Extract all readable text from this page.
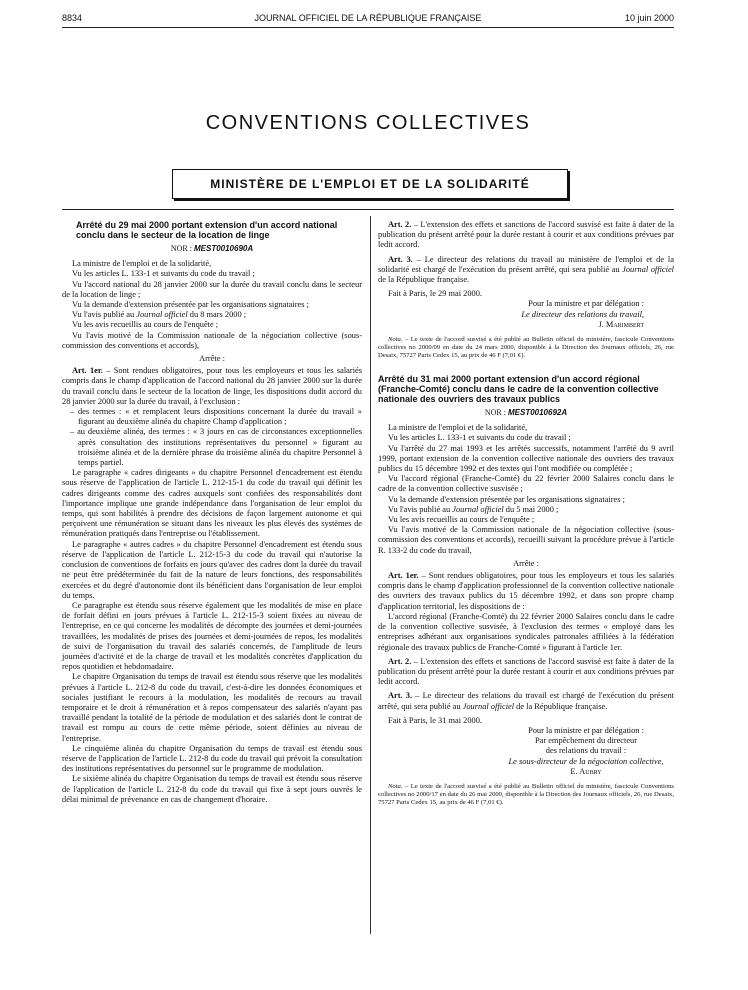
8834	JOURNAL OFFICIEL DE LA RÉPUBLIQUE FRANÇAISE	10 juin 2000
CONVENTIONS COLLECTIVES
MINISTÈRE DE L'EMPLOI ET DE LA SOLIDARITÉ
Arrêté du 29 mai 2000 portant extension d'un accord national conclu dans le secteur de la location de linge
NOR : MEST0010690A

La ministre de l'emploi et de la solidarité,

Vu les articles L. 133-1 et suivants du code du travail ;

Vu l'accord national du 28 janvier 2000 sur la durée du travail conclu dans le secteur de la location de linge ;

Vu la demande d'extension présentée par les organisations signataires ;

Vu l'avis publié au Journal officiel du 8 mars 2000 ;

Vu les avis recueillis au cours de l'enquête ;

Vu l'avis motivé de la Commission nationale de la négociation collective (sous-commission des conventions et accords),

Arrête :

Art. 1er. – Sont rendues obligatoires, pour tous les employeurs et tous les salariés compris dans le champ d'application de l'accord national du 28 janvier 2000 sur la durée du travail conclu dans le secteur de la location de linge, les dispositions dudit accord du 28 janvier 2000 sur la durée du travail, à l'exclusion :

– des termes : « et remplacent leurs dispositions concernant la durée du travail » figurant au deuxième alinéa du chapitre Champ d'application ;
– au deuxième alinéa, des termes : « 3 jours en cas de circonstances exceptionnelles après consultation des institutions représentatives du personnel » figurant au troisième alinéa et de la dernière phrase du troisième alinéa du chapitre Personnel à temps partiel.

Le paragraphe « cadres dirigeants » du chapitre Personnel d'encadrement est étendu sous réserve de l'application de l'article L. 212-15-1 du code du travail qui définit les cadres dirigeants comme des cadres auxquels sont confiées des responsabilités dont l'importance implique une grande indépendance dans l'organisation de leur emploi du temps, qui sont habilités à prendre des décisions de façon largement autonome et qui perçoivent une rémunération se situant dans les niveaux les plus élevés des systèmes de rémunération pratiqués dans l'entreprise ou l'établissement.

Le paragraphe « autres cadres » du chapitre Personnel d'encadrement est étendu sous réserve de l'application de l'article L. 212-15-3 du code du travail qui n'autorise la conclusion de conventions de forfaits en jours qu'avec des cadres dont la durée du travail ne peut être prédéterminée du fait de la nature de leurs fonctions, des responsabilités exercées et du degré d'autonomie dont ils bénéficient dans l'organisation de leur emploi du temps.

Ce paragraphe est étendu sous réserve également que les modalités de mise en place de forfait défini en jours prévues à l'article L. 212-15-3 soient fixées au niveau de l'entreprise, en ce qui concerne les modalités de décompte des journées et demi-journées travaillées, les modalités de prises des journées et demi-journées de repos, les modalités de suivi de l'organisation du travail des salariés concernés, de l'amplitude de leurs journées d'activité et de la charge de travail et les modalités concrètes d'application du repos quotidien et hebdomadaire.

Le chapitre Organisation du temps de travail est étendu sous réserve que les modalités prévues à l'article L. 212-8 du code du travail, c'est-à-dire les données économiques et sociales justifiant le recours à la modulation, les modalités de recours au travail temporaire et le droit à rémunération et à repos compensateur des salariés n'ayant pas travaillé pendant la totalité de la période de modulation et des salariés dont le contrat de travail est rompu au cours de cette même période, soient définies au niveau de l'entreprise.

Le cinquième alinéa du chapitre Organisation du temps de travail est étendu sous réserve de l'application de l'article L. 212-8 du code du travail qui prévoit la consultation des institutions représentatives du personnel sur le programme de modulation.

Le sixième alinéa du chapitre Organisation du temps de travail est étendu sous réserve de l'application de l'article L. 212-8 du code du travail qui fixe à sept jours ouvrés le délai minimal de prévenance en cas de changement d'horaire.

Art. 2. – L'extension des effets et sanctions de l'accord susvisé est faite à dater de la publication du présent arrêté pour la durée restant à courir et aux conditions prévues par ledit accord.

Art. 3. – Le directeur des relations du travail au ministère de l'emploi et de la solidarité est chargé de l'exécution du présent arrêté, qui sera publié au Journal officiel de la République française.

Fait à Paris, le 29 mai 2000.

Pour la ministre et par délégation :
Le directeur des relations du travail,
J. Marimbert

Nota. – Le texte de l'accord susvisé a été publié au Bulletin officiel du ministère, fascicule Conventions collectives no 2000/09 en date du 24 mars 2000, disponible à la Direction des Journaux officiels, 26, rue Desaix, 75727 Paris Cedex 15, au prix de 46 F (7,01 €).

Arrêté du 31 mai 2000 portant extension d'un accord régional (Franche-Comté) conclu dans le cadre de la convention collective nationale des ouvriers des travaux publics
NOR : MEST0010692A

La ministre de l'emploi et de la solidarité,

Vu les articles L. 133-1 et suivants du code du travail ;

Vu l'arrêté du 27 mai 1993 et les arrêtés successifs, notamment l'arrêté du 9 avril 1999, portant extension de la convention collective nationale des ouvriers des travaux publics du 15 décembre 1992 et des textes qui l'ont modifiée ou complétée ;

Vu l'accord régional (Franche-Comté) du 22 février 2000 Salaires conclu dans le cadre de la convention collective susvisée ;

Vu la demande d'extension présentée par les organisations signataires ;

Vu l'avis publié au Journal officiel du 5 mai 2000 ;

Vu les avis recueillis au cours de l'enquête ;

Vu l'avis motivé de la Commission nationale de la négociation collective (sous-commission des conventions et accords), recueilli suivant la procédure prévue à l'article R. 133-2 du code du travail,

Arrête :

Art. 1er. – Sont rendues obligatoires, pour tous les employeurs et tous les salariés compris dans le champ d'application professionnel de la convention collective nationale des ouvriers des travaux publics du 15 décembre 1992, et dans son propre champ d'application territorial, les dispositions de :

L'accord régional (Franche-Comté) du 22 février 2000 Salaires conclu dans le cadre de la convention collective susvisée, à l'exclusion des termes « employé dans les entreprises adhérant aux organisations syndicales patronales affiliées à la fédération régionale des travaux publics de Franche-Comté » figurant à l'article 1er.

Art. 2. – L'extension des effets et sanctions de l'accord susvisé est faite à dater de la publication du présent arrêté pour la durée restant à courir et aux conditions prévues par ledit accord.

Art. 3. – Le directeur des relations du travail est chargé de l'exécution du présent arrêté, qui sera publié au Journal officiel de la République française.

Fait à Paris, le 31 mai 2000.

Pour la ministre et par délégation :
Par empêchement du directeur
des relations du travail :
Le sous-directeur de la négociation collective,
E. Aubry

Nota. – Le texte de l'accord susvisé a été publié au Bulletin officiel du ministère, fascicule Conventions collectives no 2000/17 en date du 26 mai 2000, disponible à la Direction des Journaux officiels, 26, rue Desaix, 75727 Paris Cedex 15, au prix de 46 F (7,01 €).
